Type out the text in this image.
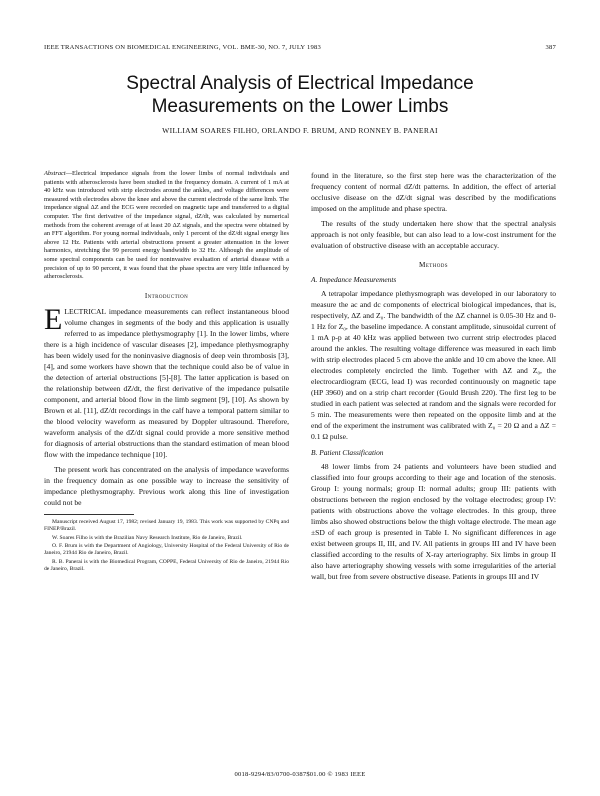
IEEE TRANSACTIONS ON BIOMEDICAL ENGINEERING, VOL. BME-30, NO. 7, JULY 1983	387
Spectral Analysis of Electrical Impedance
Measurements on the Lower Limbs
WILLIAM SOARES FILHO, ORLANDO F. BRUM, AND RONNEY B. PANERAI

Abstract—Electrical impedance signals from the lower limbs of normal individuals and patients with atherosclerosis have been studied in the frequency domain. A current of 1 mA at 40 kHz was introduced with strip electrodes around the ankles, and voltage differences were measured with electrodes above the knee and above the current electrode of the same limb. The impedance signal ΔZ and the ECG were recorded on magnetic tape and transferred to a digital computer. The first derivative of the impedance signal, dZ/dt, was calculated by numerical methods from the coherent average of at least 20 ΔZ signals, and the spectra were obtained by an FFT algorithm. For young normal individuals, only 1 percent of the dZ/dt signal energy lies above 12 Hz. Patients with arterial obstructions present a greater attenuation in the lower harmonics, stretching the 99 percent energy bandwidth to 32 Hz. Although the amplitude of some spectral components can be used for noninvasive evaluation of arterial disease with a precision of up to 90 percent, it was found that the phase spectra are very little influenced by atherosclerosis.

Introduction

ELECTRICAL impedance measurements can reflect instantaneous blood volume changes in segments of the body and this application is usually referred to as impedance plethysmography [1]. In the lower limbs, where there is a high incidence of vascular diseases [2], impedance plethysmography has been widely used for the noninvasive diagnosis of deep vein thrombosis [3], [4], and some workers have shown that the technique could also be of value in the detection of arterial obstructions [5]-[8]. The latter application is based on the relationship between dZ/dt, the first derivative of the impedance pulsatile component, and arterial blood flow in the limb segment [9], [10]. As shown by Brown et al. [11], dZ/dt recordings in the calf have a temporal pattern similar to the blood velocity waveform as measured by Doppler ultrasound. Therefore, waveform analysis of the dZ/dt signal could provide a more sensitive method for diagnosis of arterial obstructions than the standard estimation of mean blood flow with the impedance technique [10].

The present work has concentrated on the analysis of impedance waveforms in the frequency domain as one possible way to increase the sensitivity of impedance plethysmography. Previous work along this line of investigation could not be

Manuscript received August 17, 1982; revised January 19, 1983. This work was supported by CNPq and FINEP/Brazil.

W. Soares Filho is with the Brazilian Navy Research Institute, Rio de Janeiro, Brazil.

O. F. Brum is with the Department of Angiology, University Hospital of the Federal University of Rio de Janeiro, 21944 Rio de Janeiro, Brazil.

R. B. Panerai is with the Biomedical Program, COPPE, Federal University of Rio de Janeiro, 21944 Rio de Janeiro, Brazil.

found in the literature, so the first step here was the characterization of the frequency content of normal dZ/dt patterns. In addition, the effect of arterial occlusive disease on the dZ/dt signal was described by the modifications imposed on the amplitude and phase spectra.

The results of the study undertaken here show that the spectral analysis approach is not only feasible, but can also lead to a low-cost instrument for the evaluation of obstructive disease with an acceptable accuracy.

Methods
A. Impedance Measurements

A tetrapolar impedance plethysmograph was developed in our laboratory to measure the ac and dc components of electrical biological impedances, that is, respectively, ΔZ and Z₀. The bandwidth of the ΔZ channel is 0.05-30 Hz and 0-1 Hz for Z₀, the baseline impedance. A constant amplitude, sinusoidal current of 1 mA p-p at 40 kHz was applied between two current strip electrodes placed around the ankles. The resulting voltage difference was measured in each limb with strip electrodes placed 5 cm above the ankle and 10 cm above the knee. All electrodes completely encircled the limb. Together with ΔZ and Z₀, the electrocardiogram (ECG, lead I) was recorded continuously on magnetic tape (HP 3960) and on a strip chart recorder (Gould Brush 220). The first leg to be studied in each patient was selected at random and the signals were recorded for 5 min. The measurements were then repeated on the opposite limb and at the end of the experiment the instrument was calibrated with Z₀ = 20 Ω and a ΔZ = 0.1 Ω pulse.

B. Patient Classification

48 lower limbs from 24 patients and volunteers have been studied and classified into four groups according to their age and location of the stenosis. Group I: young normals; group II: normal adults; group III: patients with obstructions between the region enclosed by the voltage electrodes; group IV: patients with obstructions above the voltage electrodes. In this group, three limbs also showed obstructions below the thigh voltage electrode. The mean age ±SD of each group is presented in Table I. No significant differences in age exist between groups II, III, and IV. All patients in groups III and IV have been classified according to the results of X-ray arteriography. Six limbs in group II also have arteriography showing vessels with some irregularities of the arterial wall, but free from severe obstructive disease. Patients in groups III and IV

0018-9294/83/0700-0387$01.00 © 1983 IEEE
